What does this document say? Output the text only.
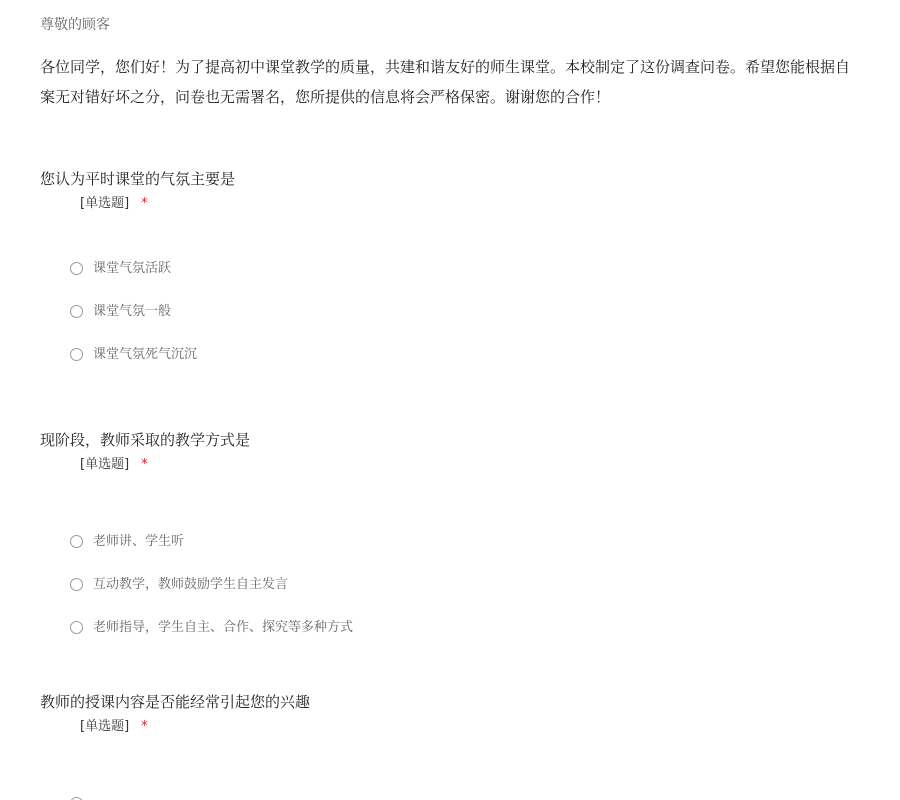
尊敬的顾客
各位同学，您们好！为了提高初中课堂教学的质量，共建和谐友好的师生课堂。本校制定了这份调查问卷。希望您能根据自
案无对错好坏之分，问卷也无需署名，您所提供的信息将会严格保密。谢谢您的合作！
您认为平时课堂的气氛主要是
[单选题] *
课堂气氛活跃
课堂气氛一般
课堂气氛死气沉沉
现阶段，教师采取的教学方式是
[单选题] *
老师讲、学生听
互动教学，教师鼓励学生自主发言
老师指导，学生自主、合作、探究等多种方式
教师的授课内容是否能经常引起您的兴趣
[单选题] *
